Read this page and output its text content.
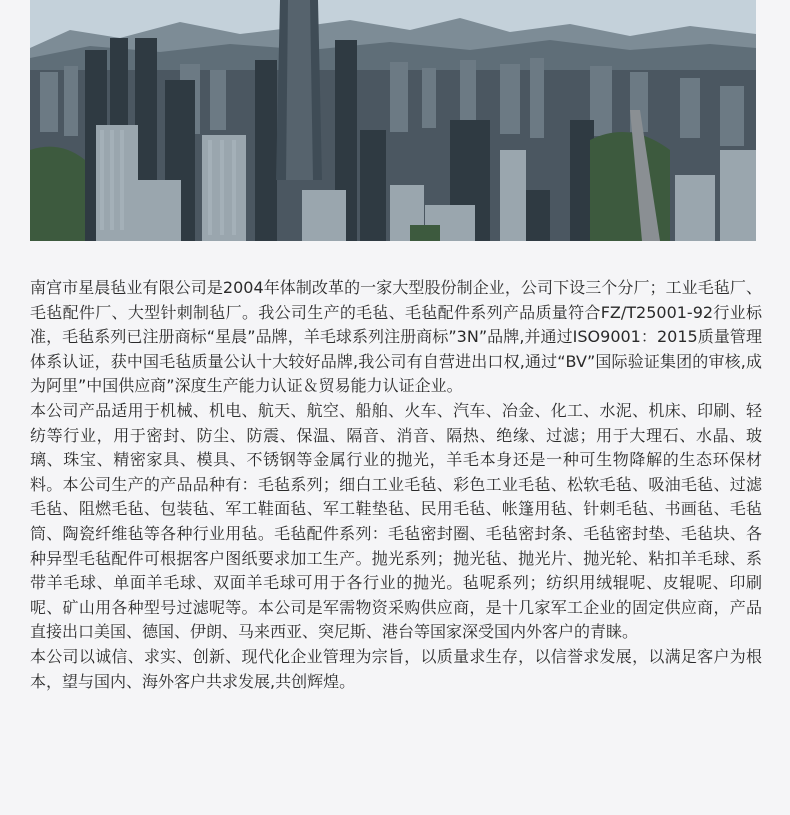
南宫市星晨毡业有限公司是2004年体制改革的一家大型股份制企业，公司下设三个分厂；工业毛毡厂、毛毡配件厂、大型针刺制毡厂。我公司生产的毛毡、毛毡配件系列产品质量符合FZ/T25001-92行业标准，毛毡系列已注册商标“星晨”品牌，羊毛球系列注册商标”3N”品牌,并通过ISO9001：2015质量管理体系认证，获中国毛毡质量公认十大较好品牌,我公司有自营进出口权,通过“BV”国际验证集团的审核,成为阿里”中国供应商”深度生产能力认证＆贸易能力认证企业。

本公司产品适用于机械、机电、航天、航空、船舶、火车、汽车、冶金、化工、水泥、机床、印刷、轻纺等行业，用于密封、防尘、防震、保温、隔音、消音、隔热、绝缘、过滤；用于大理石、水晶、玻璃、珠宝、精密家具、模具、不锈钢等金属行业的抛光，羊毛本身还是一种可生物降解的生态环保材料。本公司生产的产品品种有：毛毡系列；细白工业毛毡、彩色工业毛毡、松软毛毡、吸油毛毡、过滤毛毡、阻燃毛毡、包装毡、军工鞋面毡、军工鞋垫毡、民用毛毡、帐篷用毡、针刺毛毡、书画毡、毛毡筒、陶瓷纤维毡等各种行业用毡。毛毡配件系列：毛毡密封圈、毛毡密封条、毛毡密封垫、毛毡块、各种异型毛毡配件可根据客户图纸要求加工生产。抛光系列；抛光毡、抛光片、抛光轮、粘扣羊毛球、系带羊毛球、单面羊毛球、双面羊毛球可用于各行业的抛光。毡呢系列；纺织用绒辊呢、皮辊呢、印刷呢、矿山用各种型号过滤呢等。本公司是军需物资采购供应商，是十几家军工企业的固定供应商，产品直接出口美国、德国、伊朗、马来西亚、突尼斯、港台等国家深受国内外客户的青睐。

本公司以诚信、求实、创新、现代化企业管理为宗旨，以质量求生存，以信誉求发展，以满足客户为根本，望与国内、海外客户共求发展,共创辉煌。
